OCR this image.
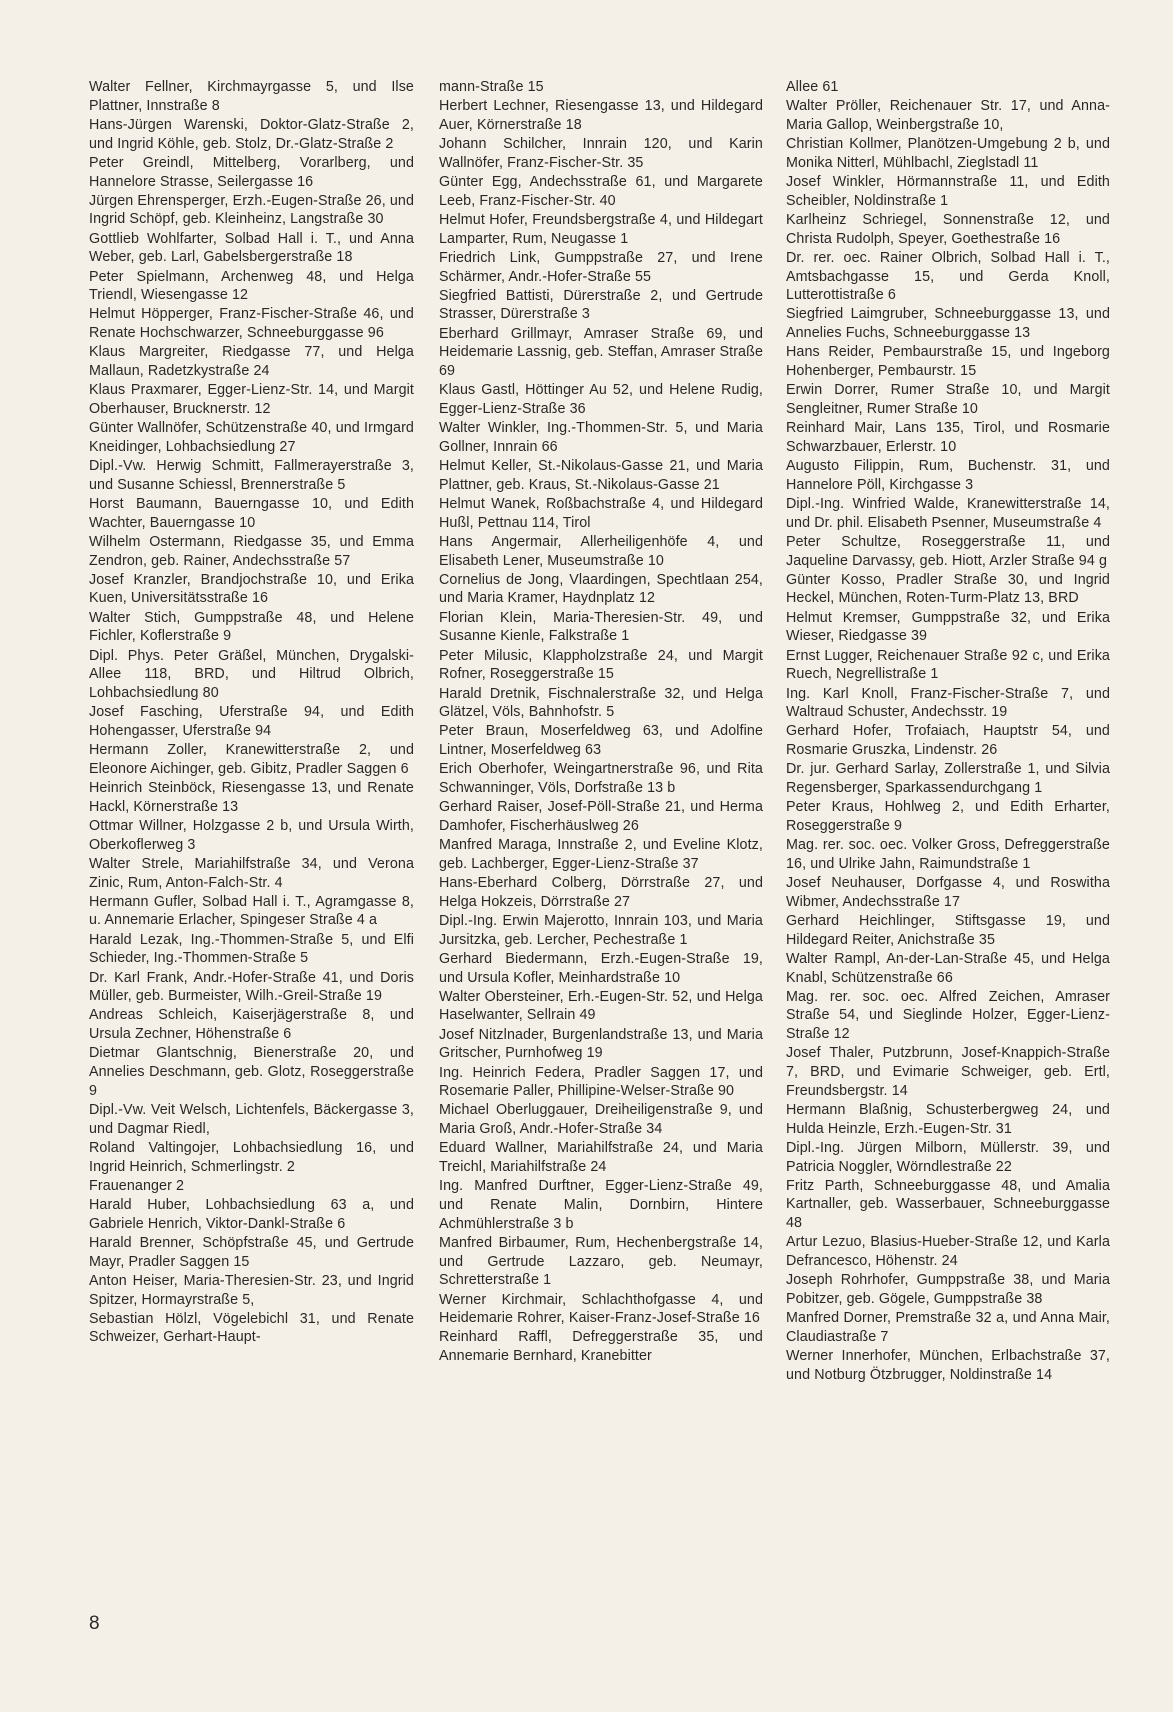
Walter Fellner, Kirchmayrgasse 5, und Ilse Plattner, Innstraße 8

Hans-Jürgen Warenski, Doktor-Glatz-Straße 2, und Ingrid Köhle, geb. Stolz, Dr.-Glatz-Straße 2

Peter Greindl, Mittelberg, Vorarlberg, und Hannelore Strasse, Seilergasse 16

Jürgen Ehrensperger, Erzh.-Eugen-Straße 26, und Ingrid Schöpf, geb. Kleinheinz, Langstraße 30

Gottlieb Wohlfarter, Solbad Hall i. T., und Anna Weber, geb. Larl, Gabelsbergerstraße 18

Peter Spielmann, Archenweg 48, und Helga Triendl, Wiesengasse 12

Helmut Höpperger, Franz-Fischer-Straße 46, und Renate Hochschwarzer, Schneeburggasse 96

Klaus Margreiter, Riedgasse 77, und Helga Mallaun, Radetzkystraße 24

Klaus Praxmarer, Egger-Lienz-Str. 14, und Margit Oberhauser, Brucknerstr. 12

Günter Wallnöfer, Schützenstraße 40, und Irmgard Kneidinger, Lohbachsiedlung 27

Dipl.-Vw. Herwig Schmitt, Fallmerayerstraße 3, und Susanne Schiessl, Brennerstraße 5

Horst Baumann, Bauerngasse 10, und Edith Wachter, Bauerngasse 10

Wilhelm Ostermann, Riedgasse 35, und Emma Zendron, geb. Rainer, Andechsstraße 57

Josef Kranzler, Brandjochstraße 10, und Erika Kuen, Universitätsstraße 16

Walter Stich, Gumppstraße 48, und Helene Fichler, Koflerstraße 9

Dipl. Phys. Peter Gräßel, München, Drygalski-Allee 118, BRD, und Hiltrud Olbrich, Lohbachsiedlung 80

Josef Fasching, Uferstraße 94, und Edith Hohengasser, Uferstraße 94

Hermann Zoller, Kranewitterstraße 2, und Eleonore Aichinger, geb. Gibitz, Pradler Saggen 6

Heinrich Steinböck, Riesengasse 13, und Renate Hackl, Körnerstraße 13

Ottmar Willner, Holzgasse 2 b, und Ursula Wirth, Oberkoflerweg 3

Walter Strele, Mariahilfstraße 34, und Verona Zinic, Rum, Anton-Falch-Str. 4

Hermann Gufler, Solbad Hall i. T., Agramgasse 8, u. Annemarie Erlacher, Spingeser Straße 4 a

Harald Lezak, Ing.-Thommen-Straße 5, und Elfi Schieder, Ing.-Thommen-Straße 5

Dr. Karl Frank, Andr.-Hofer-Straße 41, und Doris Müller, geb. Burmeister, Wilh.-Greil-Straße 19

Andreas Schleich, Kaiserjägerstraße 8, und Ursula Zechner, Höhenstraße 6

Dietmar Glantschnig, Bienerstraße 20, und Annelies Deschmann, geb. Glotz, Roseggerstraße 9

Dipl.-Vw. Veit Welsch, Lichtenfels, Bäckergasse 3, und Dagmar Riedl,

Roland Valtingojer, Lohbachsiedlung 16, und Ingrid Heinrich, Schmerlingstr. 2

Frauenanger 2

Harald Huber, Lohbachsiedlung 63 a, und Gabriele Henrich, Viktor-Dankl-Straße 6

Harald Brenner, Schöpfstraße 45, und Gertrude Mayr, Pradler Saggen 15

Anton Heiser, Maria-Theresien-Str. 23, und Ingrid Spitzer, Hormayrstraße 5,

Sebastian Hölzl, Vögelebichl 31, und Renate Schweizer, Gerhart-Haupt-

mann-Straße 15

Herbert Lechner, Riesengasse 13, und Hildegard Auer, Körnerstraße 18

Johann Schilcher, Innrain 120, und Karin Wallnöfer, Franz-Fischer-Str. 35

Günter Egg, Andechsstraße 61, und Margarete Leeb, Franz-Fischer-Str. 40

Helmut Hofer, Freundsbergstraße 4, und Hildegart Lamparter, Rum, Neugasse 1

Friedrich Link, Gumppstraße 27, und Irene Schärmer, Andr.-Hofer-Straße 55

Siegfried Battisti, Dürerstraße 2, und Gertrude Strasser, Dürerstraße 3

Eberhard Grillmayr, Amraser Straße 69, und Heidemarie Lassnig, geb. Steffan, Amraser Straße 69

Klaus Gastl, Höttinger Au 52, und Helene Rudig, Egger-Lienz-Straße 36

Walter Winkler, Ing.-Thommen-Str. 5, und Maria Gollner, Innrain 66

Helmut Keller, St.-Nikolaus-Gasse 21, und Maria Plattner, geb. Kraus, St.-Nikolaus-Gasse 21

Helmut Wanek, Roßbachstraße 4, und Hildegard Hußl, Pettnau 114, Tirol

Hans Angermair, Allerheiligenhöfe 4, und Elisabeth Lener, Museumstraße 10

Cornelius de Jong, Vlaardingen, Spechtlaan 254, und Maria Kramer, Haydnplatz 12

Florian Klein, Maria-Theresien-Str. 49, und Susanne Kienle, Falkstraße 1

Peter Milusic, Klappholzstraße 24, und Margit Rofner, Roseggerstraße 15

Harald Dretnik, Fischnalerstraße 32, und Helga Glätzel, Völs, Bahnhofstr. 5

Peter Braun, Moserfeldweg 63, und Adolfine Lintner, Moserfeldweg 63

Erich Oberhofer, Weingartnerstraße 96, und Rita Schwanninger, Völs, Dorfstraße 13 b

Gerhard Raiser, Josef-Pöll-Straße 21, und Herma Damhofer, Fischerhäuslweg 26

Manfred Maraga, Innstraße 2, und Eveline Klotz, geb. Lachberger, Egger-Lienz-Straße 37

Hans-Eberhard Colberg, Dörrstraße 27, und Helga Hokzeis, Dörrstraße 27

Dipl.-Ing. Erwin Majerotto, Innrain 103, und Maria Jursitzka, geb. Lercher, Pechestraße 1

Gerhard Biedermann, Erzh.-Eugen-Straße 19, und Ursula Kofler, Meinhardstraße 10

Walter Obersteiner, Erh.-Eugen-Str. 52, und Helga Haselwanter, Sellrain 49

Josef Nitzlnader, Burgenlandstraße 13, und Maria Gritscher, Purnhofweg 19

Ing. Heinrich Federa, Pradler Saggen 17, und Rosemarie Paller, Phillipine-Welser-Straße 90

Michael Oberluggauer, Dreiheiligenstraße 9, und Maria Groß, Andr.-Hofer-Straße 34

Eduard Wallner, Mariahilfstraße 24, und Maria Treichl, Mariahilfstraße 24

Ing. Manfred Durftner, Egger-Lienz-Straße 49, und Renate Malin, Dornbirn, Hintere Achmühlerstraße 3 b

Manfred Birbaumer, Rum, Hechenbergstraße 14, und Gertrude Lazzaro, geb. Neumayr, Schretterstraße 1

Werner Kirchmair, Schlachthofgasse 4, und Heidemarie Rohrer, Kaiser-Franz-Josef-Straße 16

Reinhard Raffl, Defreggerstraße 35, und Annemarie Bernhard, Kranebitter

Allee 61

Walter Pröller, Reichenauer Str. 17, und Anna-Maria Gallop, Weinbergstraße 10,

Christian Kollmer, Planötzen-Umgebung 2 b, und Monika Nitterl, Mühlbachl, Zieglstadl 11

Josef Winkler, Hörmannstraße 11, und Edith Scheibler, Noldinstraße 1

Karlheinz Schriegel, Sonnenstraße 12, und Christa Rudolph, Speyer, Goethestraße 16

Dr. rer. oec. Rainer Olbrich, Solbad Hall i. T., Amtsbachgasse 15, und Gerda Knoll, Lutterottistraße 6

Siegfried Laimgruber, Schneeburggasse 13, und Annelies Fuchs, Schneeburggasse 13

Hans Reider, Pembaurstraße 15, und Ingeborg Hohenberger, Pembaurstr. 15

Erwin Dorrer, Rumer Straße 10, und Margit Sengleitner, Rumer Straße 10

Reinhard Mair, Lans 135, Tirol, und Rosmarie Schwarzbauer, Erlerstr. 10

Augusto Filippin, Rum, Buchenstr. 31, und Hannelore Pöll, Kirchgasse 3

Dipl.-Ing. Winfried Walde, Kranewitterstraße 14, und Dr. phil. Elisabeth Psenner, Museumstraße 4

Peter Schultze, Roseggerstraße 11, und Jaqueline Darvassy, geb. Hiott, Arzler Straße 94 g

Günter Kosso, Pradler Straße 30, und Ingrid Heckel, München, Roten-Turm-Platz 13, BRD

Helmut Kremser, Gumppstraße 32, und Erika Wieser, Riedgasse 39

Ernst Lugger, Reichenauer Straße 92 c, und Erika Ruech, Negrellistraße 1

Ing. Karl Knoll, Franz-Fischer-Straße 7, und Waltraud Schuster, Andechsstr. 19

Gerhard Hofer, Trofaiach, Hauptstr 54, und Rosmarie Gruszka, Lindenstr. 26

Dr. jur. Gerhard Sarlay, Zollerstraße 1, und Silvia Regensberger, Sparkassendurchgang 1

Peter Kraus, Hohlweg 2, und Edith Erharter, Roseggerstraße 9

Mag. rer. soc. oec. Volker Gross, Defreggerstraße 16, und Ulrike Jahn, Raimundstraße 1

Josef Neuhauser, Dorfgasse 4, und Roswitha Wibmer, Andechsstraße 17

Gerhard Heichlinger, Stiftsgasse 19, und Hildegard Reiter, Anichstraße 35

Walter Rampl, An-der-Lan-Straße 45, und Helga Knabl, Schützenstraße 66

Mag. rer. soc. oec. Alfred Zeichen, Amraser Straße 54, und Sieglinde Holzer, Egger-Lienz-Straße 12

Josef Thaler, Putzbrunn, Josef-Knappich-Straße 7, BRD, und Evimarie Schweiger, geb. Ertl, Freundsbergstr. 14

Hermann Blaßnig, Schusterbergweg 24, und Hulda Heinzle, Erzh.-Eugen-Str. 31

Dipl.-Ing. Jürgen Milborn, Müllerstr. 39, und Patricia Noggler, Wörndlestraße 22

Fritz Parth, Schneeburggasse 48, und Amalia Kartnaller, geb. Wasserbauer, Schneeburggasse 48

Artur Lezuo, Blasius-Hueber-Straße 12, und Karla Defrancesco, Höhenstr. 24

Joseph Rohrhofer, Gumppstraße 38, und Maria Pobitzer, geb. Gögele, Gumppstraße 38

Manfred Dorner, Premstraße 32 a, und Anna Mair, Claudiastraße 7

Werner Innerhofer, München, Erlbachstraße 37, und Notburg Ötzbrugger, Noldinstraße 14

8
